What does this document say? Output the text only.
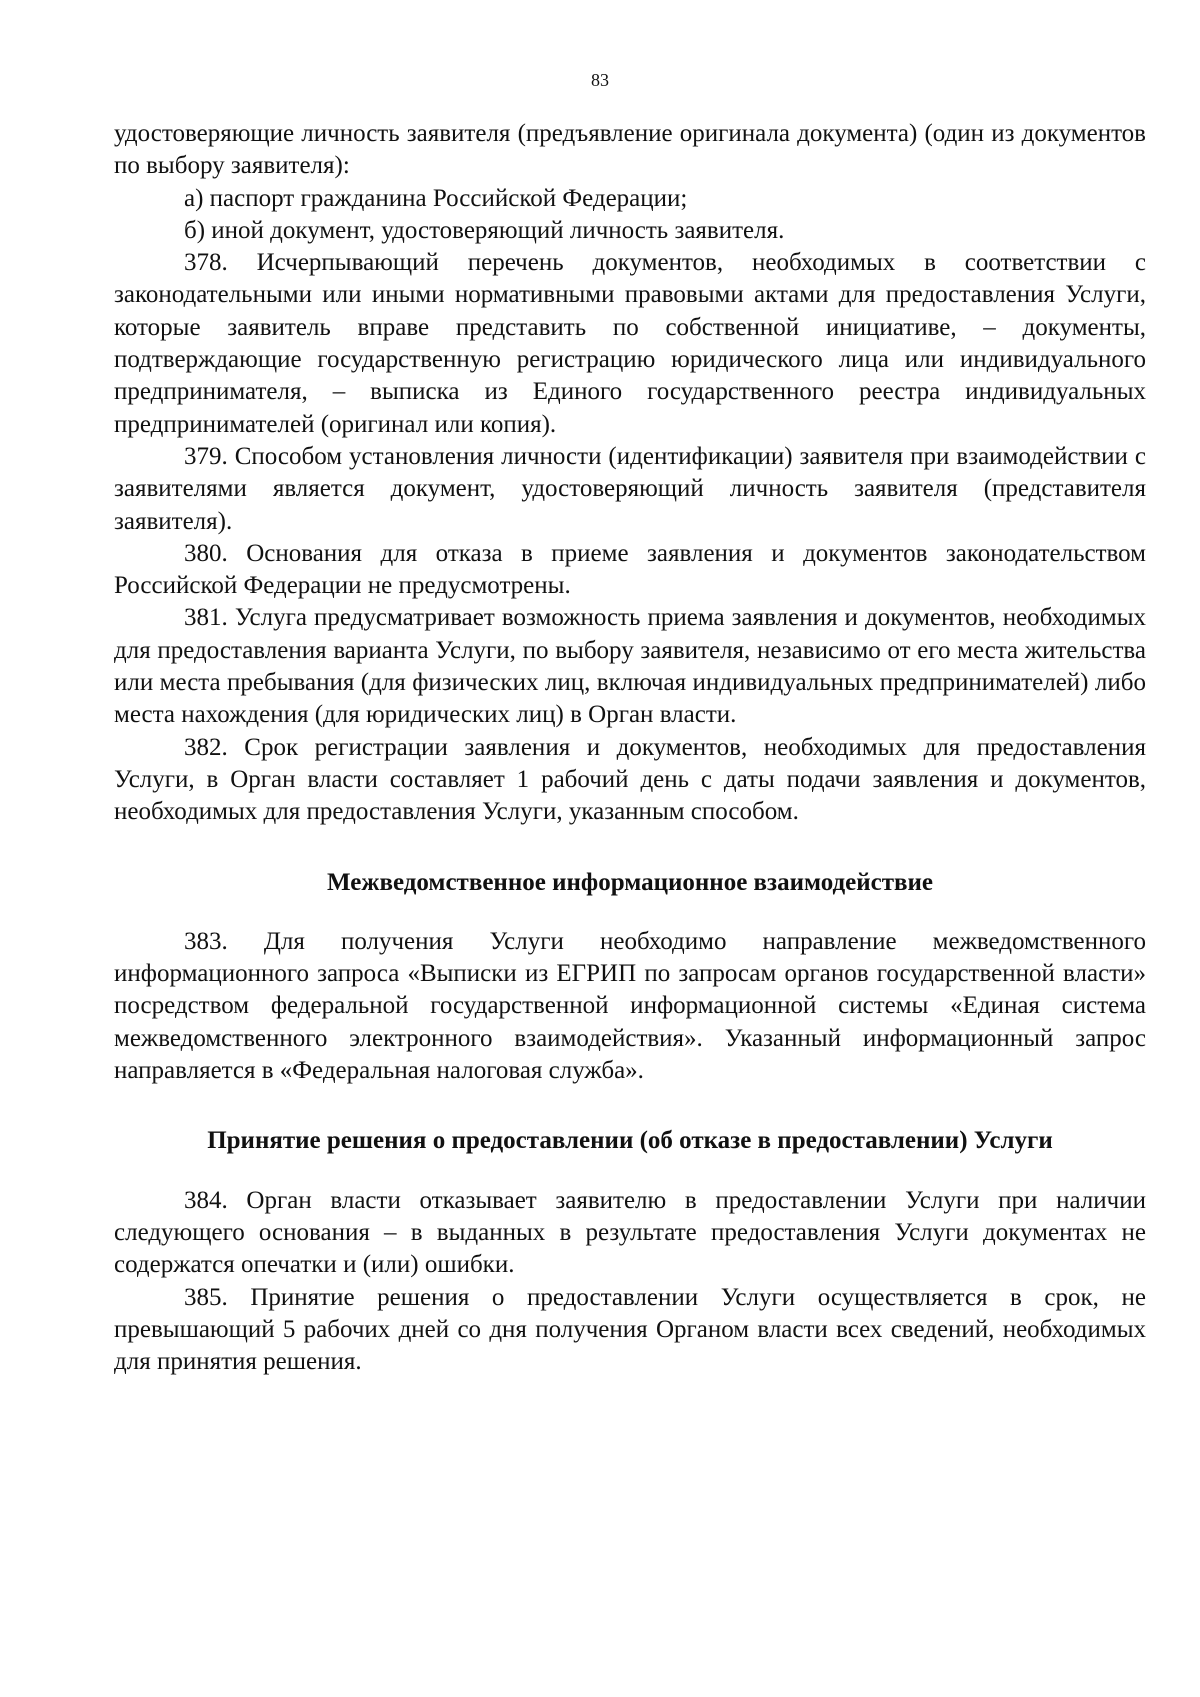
83

удостоверяющие личность заявителя (предъявление оригинала документа) (один из документов по выбору заявителя):

а) паспорт гражданина Российской Федерации;

б) иной документ, удостоверяющий личность заявителя.

378. Исчерпывающий перечень документов, необходимых в соответствии с законодательными или иными нормативными правовыми актами для предоставления Услуги, которые заявитель вправе представить по собственной инициативе, – документы, подтверждающие государственную регистрацию юридического лица или индивидуального предпринимателя, – выписка из Единого государственного реестра индивидуальных предпринимателей (оригинал или копия).

379. Способом установления личности (идентификации) заявителя при взаимодействии с заявителями является документ, удостоверяющий личность заявителя (представителя заявителя).

380. Основания для отказа в приеме заявления и документов законодательством Российской Федерации не предусмотрены.

381. Услуга предусматривает возможность приема заявления и документов, необходимых для предоставления варианта Услуги, по выбору заявителя, независимо от его места жительства или места пребывания (для физических лиц, включая индивидуальных предпринимателей) либо места нахождения (для юридических лиц) в Орган власти.

382. Срок регистрации заявления и документов, необходимых для предоставления Услуги, в Орган власти составляет 1 рабочий день с даты подачи заявления и документов, необходимых для предоставления Услуги, указанным способом.

Межведомственное информационное взаимодействие

383. Для получения Услуги необходимо направление межведомственного информационного запроса «Выписки из ЕГРИП по запросам органов государственной власти» посредством федеральной государственной информационной системы «Единая система межведомственного электронного взаимодействия». Указанный информационный запрос направляется в «Федеральная налоговая служба».

Принятие решения о предоставлении (об отказе в предоставлении) Услуги

384. Орган власти отказывает заявителю в предоставлении Услуги при наличии следующего основания – в выданных в результате предоставления Услуги документах не содержатся опечатки и (или) ошибки.

385. Принятие решения о предоставлении Услуги осуществляется в срок, не превышающий 5 рабочих дней со дня получения Органом власти всех сведений, необходимых для принятия решения.
